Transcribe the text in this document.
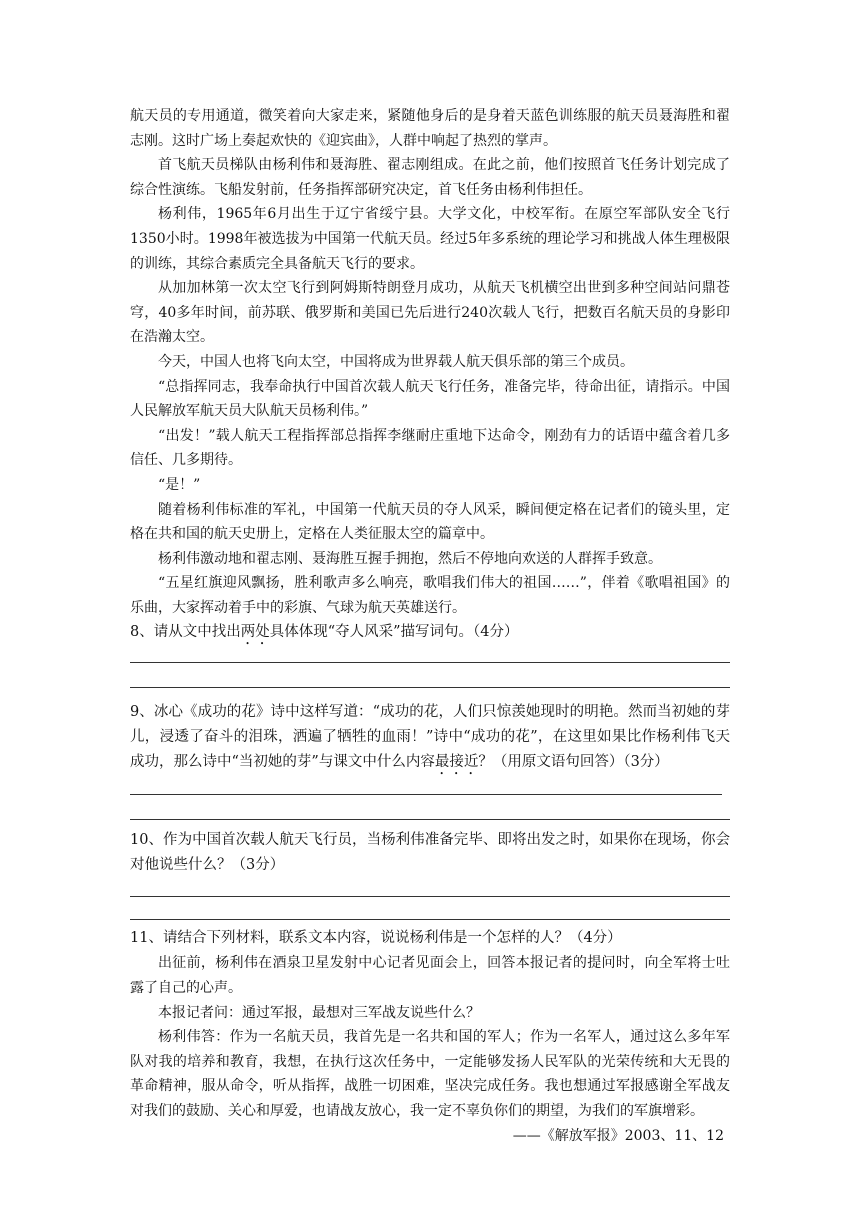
航天员的专用通道，微笑着向大家走来，紧随他身后的是身着天蓝色训练服的航天员聂海胜和翟志刚。这时广场上奏起欢快的《迎宾曲》，人群中响起了热烈的掌声。

首飞航天员梯队由杨利伟和聂海胜、翟志刚组成。在此之前，他们按照首飞任务计划完成了综合性演练。飞船发射前，任务指挥部研究决定，首飞任务由杨利伟担任。

杨利伟，1965年6月出生于辽宁省绥宁县。大学文化，中校军衔。在原空军部队安全飞行1350小时。1998年被选拔为中国第一代航天员。经过5年多系统的理论学习和挑战人体生理极限的训练，其综合素质完全具备航天飞行的要求。

从加加林第一次太空飞行到阿姆斯特朗登月成功，从航天飞机横空出世到多种空间站问鼎苍穹，40多年时间，前苏联、俄罗斯和美国已先后进行240次载人飞行，把数百名航天员的身影印在浩瀚太空。

今天，中国人也将飞向太空，中国将成为世界载人航天俱乐部的第三个成员。

“总指挥同志，我奉命执行中国首次载人航天飞行任务，准备完毕，待命出征，请指示。中国人民解放军航天员大队航天员杨利伟。”

“出发！”载人航天工程指挥部总指挥李继耐庄重地下达命令，刚劲有力的话语中蕴含着几多信任、几多期待。

“是！”

随着杨利伟标准的军礼，中国第一代航天员的夺人风采，瞬间便定格在记者们的镜头里，定格在共和国的航天史册上，定格在人类征服太空的篇章中。

杨利伟激动地和翟志刚、聂海胜互握手拥抱，然后不停地向欢送的人群挥手致意。

“五星红旗迎风飘扬，胜利歌声多么响亮，歌唱我们伟大的祖国……”，伴着《歌唱祖国》的乐曲，大家挥动着手中的彩旗、气球为航天英雄送行。

8、请从文中找出两处具体体现“夺人风采”描写词句。（4分）

9、冰心《成功的花》诗中这样写道：“成功的花，人们只惊羡她现时的明艳。然而当初她的芽儿，浸透了奋斗的泪珠，洒遍了牺牲的血雨！”诗中“成功的花”，在这里如果比作杨利伟飞天成功，那么诗中“当初她的芽”与课文中什么内容最接近？（用原文语句回答）（3分）

10、作为中国首次载人航天飞行员，当杨利伟准备完毕、即将出发之时，如果你在现场，你会对他说些什么？（3分）

11、请结合下列材料，联系文本内容，说说杨利伟是一个怎样的人？（4分）

出征前，杨利伟在酒泉卫星发射中心记者见面会上，回答本报记者的提问时，向全军将士吐露了自己的心声。

本报记者问：通过军报，最想对三军战友说些什么？

杨利伟答：作为一名航天员，我首先是一名共和国的军人；作为一名军人，通过这么多年军队对我的培养和教育，我想，在执行这次任务中，一定能够发扬人民军队的光荣传统和大无畏的革命精神，服从命令，听从指挥，战胜一切困难，坚决完成任务。我也想通过军报感谢全军战友对我们的鼓励、关心和厚爱，也请战友放心，我一定不辜负你们的期望，为我们的军旗增彩。

——《解放军报》2003、11、12
